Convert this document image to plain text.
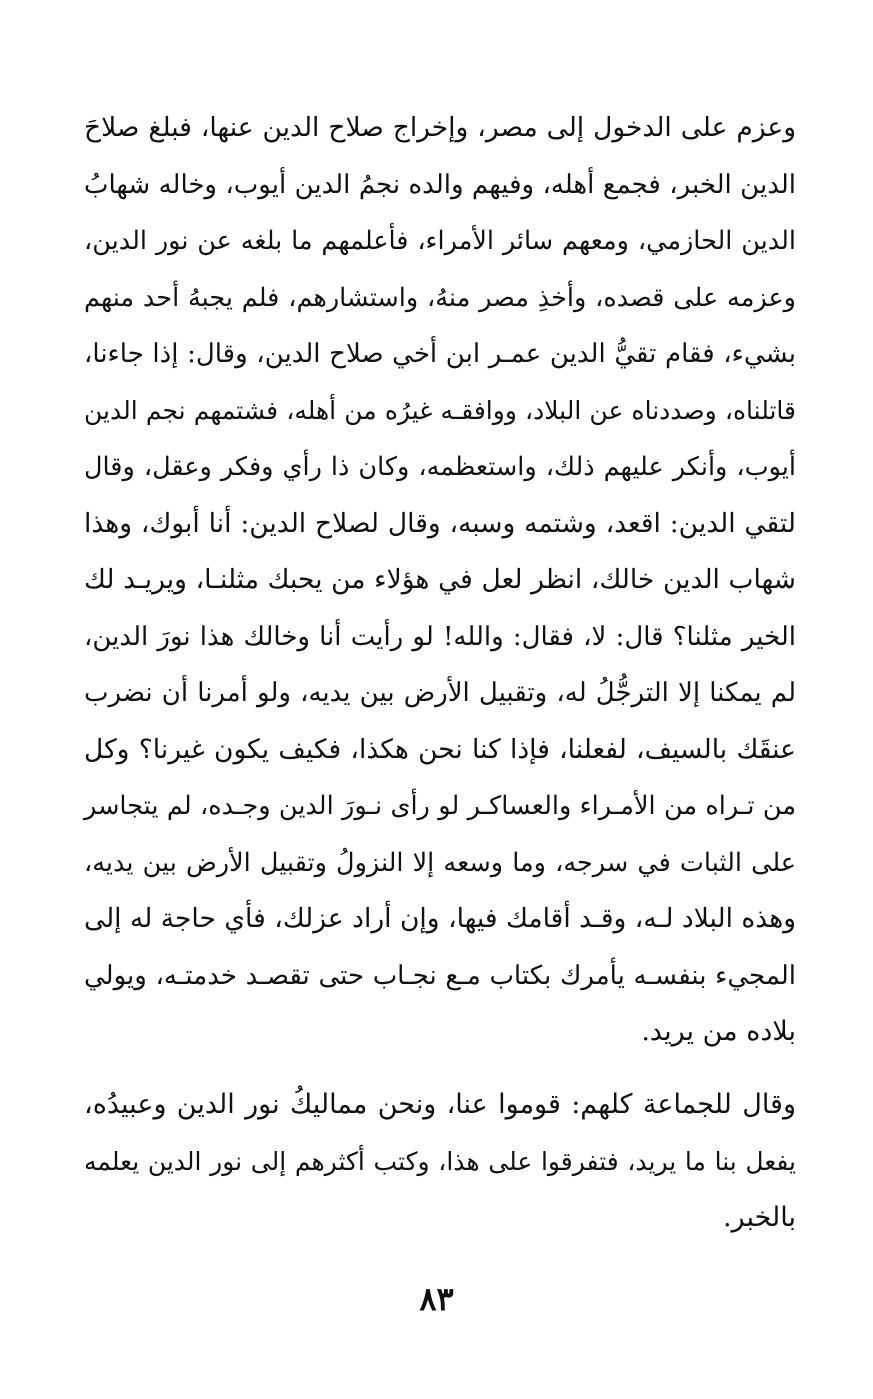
وعزم على الدخول إلى مصر، وإخراج صلاح الدين عنها، فبلغ صلاحَ
الدين الخبر، فجمع أهله، وفيهم والده نجمُ الدين أيوب، وخاله شهابُ
الدين الحازمي، ومعهم سائر الأمراء، فأعلمهم ما بلغه عن نور الدين،
وعزمه على قصده، وأخذِ مصر منهُ، واستشارهم، فلم يجبهُ أحد منهم
بشيء، فقام تقيُّ الدين عمـر ابن أخي صلاح الدين، وقال: إذا جاءنا،
قاتلناه، وصددناه عن البلاد، ووافقـه غيرُه من أهله، فشتمهم نجم الدين
أيوب، وأنكر عليهم ذلك، واستعظمه، وكان ذا رأي وفكر وعقل، وقال
لتقي الدين: اقعد، وشتمه وسبه، وقال لصلاح الدين: أنا أبوك، وهذا
شهاب الدين خالك، انظر لعل في هؤلاء من يحبك مثلنـا، ويريـد لك
الخير مثلنا؟ قال: لا، فقال: والله! لو رأيت أنا وخالك هذا نورَ الدين،
لم يمكنا إلا الترجُّلُ له، وتقبيل الأرض بين يديه، ولو أمرنا أن نضرب
عنقَك بالسيف، لفعلنا، فإذا كنا نحن هكذا، فكيف يكون غيرنا؟ وكل
من تـراه من الأمـراء والعساكـر لو رأى نـورَ الدين وجـده، لم يتجاسر
على الثبات في سرجه، وما وسعه إلا النزولُ وتقبيل الأرض بين يديه،
وهذه البلاد لـه، وقـد أقامك فيها، وإن أراد عزلك، فأي حاجة له إلى
المجيء بنفسـه يأمرك بكتاب مـع نجـاب حتى تقصـد خدمتـه، ويولي
بلاده من يريد.
وقال للجماعة كلهم: قوموا عنا، ونحن مماليكُ نور الدين وعبيدُه،
يفعل بنا ما يريد، فتفرقوا على هذا، وكتب أكثرهم إلى نور الدين يعلمه
بالخبر.
٨٣
